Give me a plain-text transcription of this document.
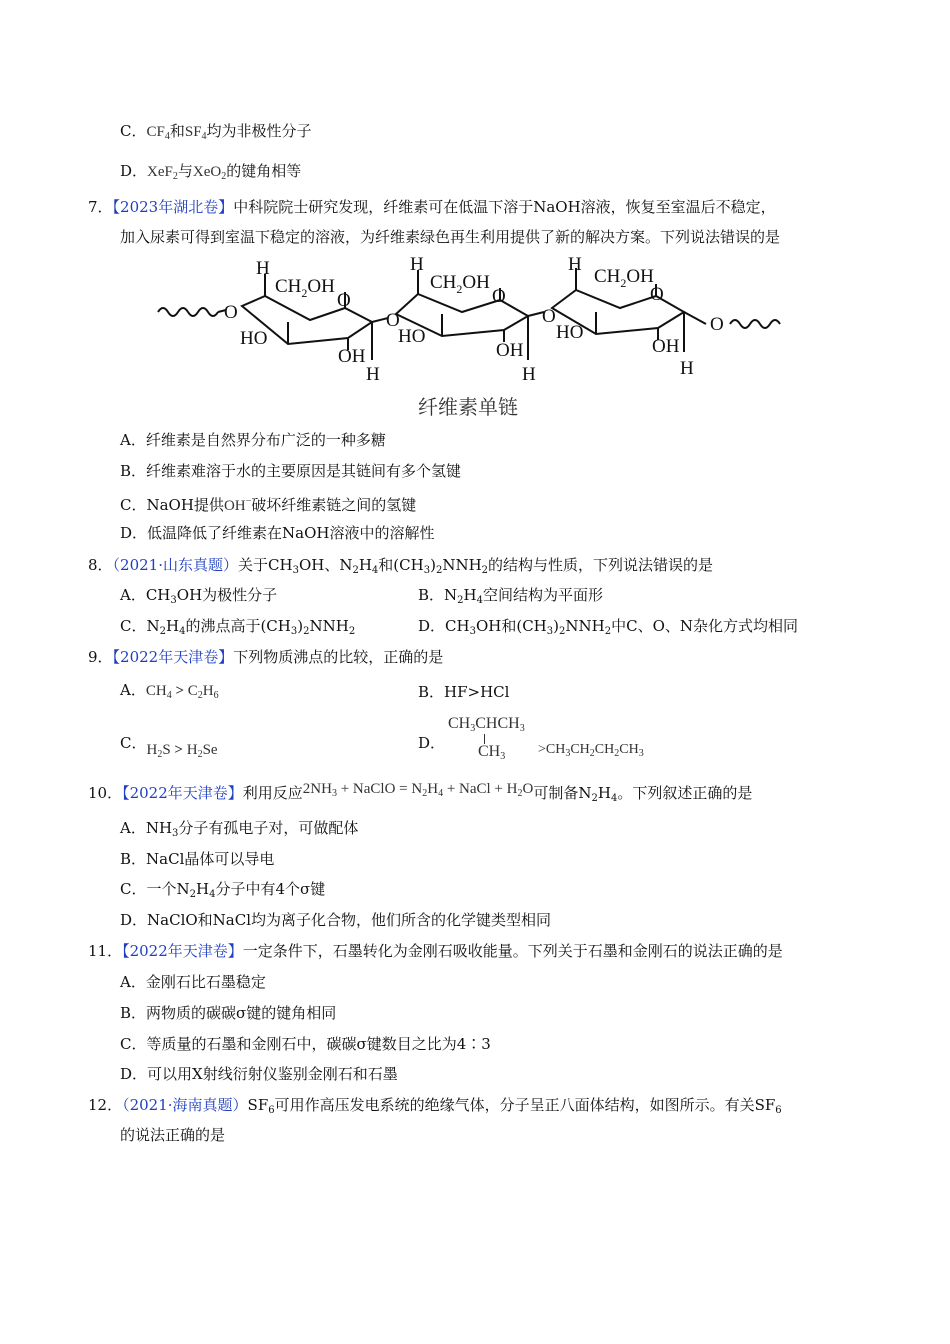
C．$CF_4$和$SF_4$均为非极性分子
D．XeF$_2$与XeO$_2$的键角相等
7．【2023年湖北卷】中科院院士研究发现，纤维素可在低温下溶于NaOH溶液，恢复至室温后不稳定，
加入尿素可得到室温下稳定的溶液，为纤维素绿色再生利用提供了新的解决方案。下列说法错误的是
O
H
$CH_2OH$
O
HO
OH
H
O
H
$CH_2OH$
O
HO
OH
H
O
H
$CH_2OH$
O
HO
OH
H
O
纤维素单链
A．纤维素是自然界分布广泛的一种多糖
B．纤维素难溶于水的主要原因是其链间有多个氢键
C．NaOH提供OH−破坏纤维素链之间的氢键
D．低温降低了纤维素在NaOH溶液中的溶解性
8．（2021·山东真题）关于$CH_3OH$、$N_2H_4$和$(CH_3)_2NNH_2$的结构与性质，下列说法错误的是
A．$CH_3OH$为极性分子	B．$N_2H_4$空间结构为平面形
C．$N_2H_4$的沸点高于$(CH_3)_2NNH_2$	D．$CH_3OH$和$(CH_3)_2NNH_2$中C、O、N杂化方式均相同
9．【2022年天津卷】下列物质沸点的比较，正确的是
A．$CH_4 > C_2H_6$	B．HF>HCl
C．$H_2S > H_2Se$	D．
$CH_3CHCH_3$
$CH_3 >CH_3CH_2CH_2CH_3$
10．【2022年天津卷】利用反应$2NH_3$ + NaClO = $N_2H_4$ + NaCl + $H_2O$可制备$N_2H_4$。下列叙述正确的是
A．$NH_3$分子有孤电子对，可做配体
B．NaCl晶体可以导电
C．一个$N_2H_4$分子中有4个σ键
D．NaClO和NaCl均为离子化合物，他们所含的化学键类型相同
11．【2022年天津卷】一定条件下，石墨转化为金刚石吸收能量。下列关于石墨和金刚石的说法正确的是
A．金刚石比石墨稳定
B．两物质的碳碳σ键的键角相同
C．等质量的石墨和金刚石中，碳碳σ键数目之比为4∶3
D．可以用X射线衍射仪鉴别金刚石和石墨
12．（2021·海南真题）$SF_6$可用作高压发电系统的绝缘气体，分子呈正八面体结构，如图所示。有关$SF_6$
的说法正确的是
